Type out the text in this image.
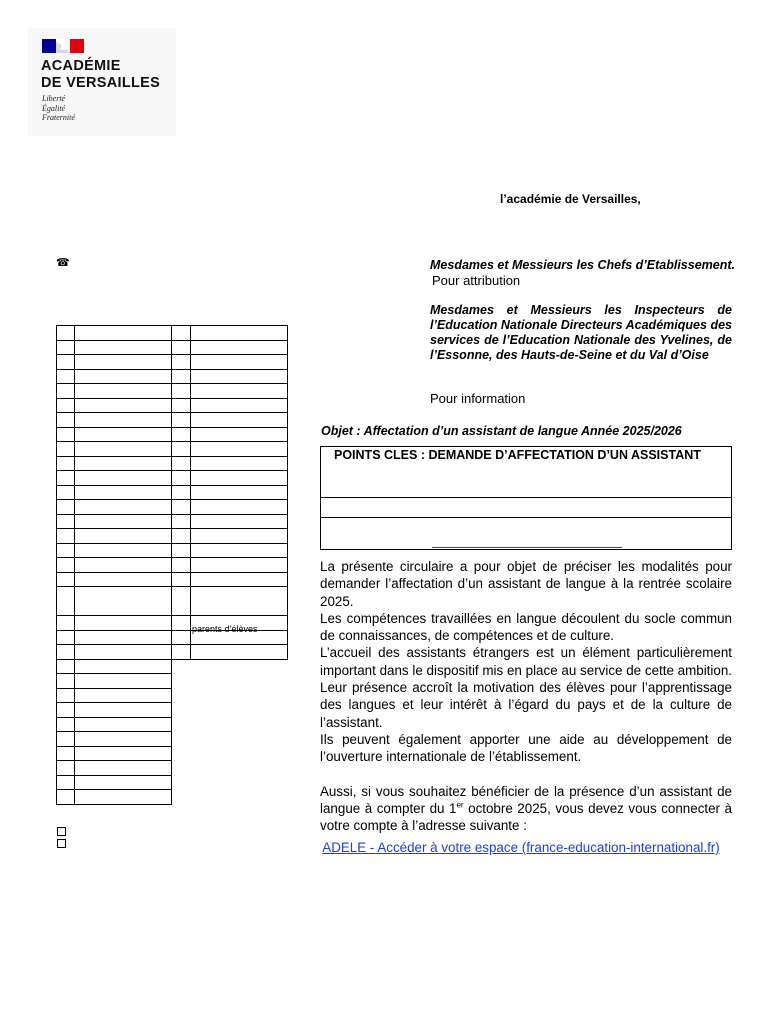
ACADÉMIE
DE VERSAILLES
Liberté
Égalité
Fraternité
l’académie de Versailles,
☎	Mesdames et Messieurs les Chefs d’Etablissement.
Pour attribution
Mesdames et Messieurs les Inspecteurs de l’Education Nationale Directeurs Académiques des services de l’Education Nationale des Yvelines, de l’Essonne, des Hauts-de-Seine et du Val d’Oise
Pour information
Objet : Affectation d’un assistant de langue Année 2025/2026
POINTS CLES : DEMANDE D’AFFECTATION D’UN ASSISTANT

La présente circulaire a pour objet de préciser les modalités pour demander l’affectation d’un assistant de langue à la rentrée scolaire 2025.

Les compétences travaillées en langue découlent du socle commun de connaissances, de compétences et de culture.

L’accueil des assistants étrangers est un élément particulièrement important dans le dispositif mis en place au service de cette ambition. Leur présence accroît la motivation des élèves pour l’apprentissage des langues et leur intérêt à l’égard du pays et de la culture de l’assistant.

Ils peuvent également apporter une aide au développement de l’ouverture internationale de l’établissement.

Aussi, si vous souhaitez bénéficier de la présence d’un assistant de langue à compter du 1er octobre 2025, vous devez vous connecter à votre compte à l’adresse suivante :

ADELE - Accéder à votre espace (france-education-international.fr)
parents d’élèves
